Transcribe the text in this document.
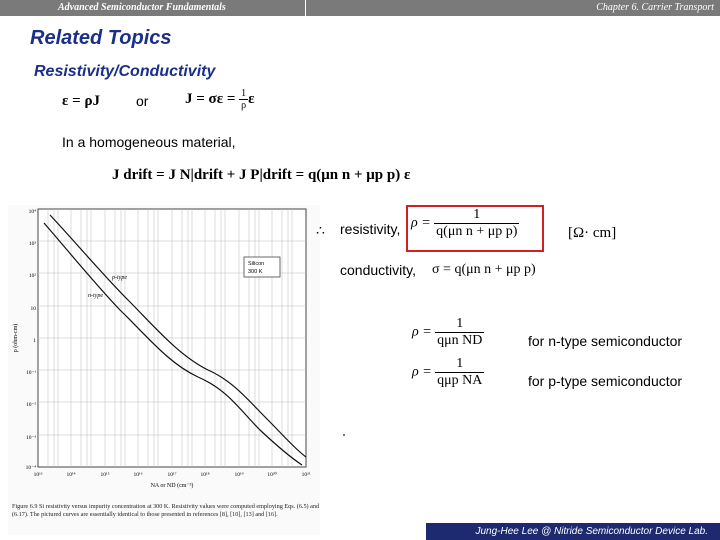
Advanced Semiconductor Fundamentals	Chapter 6. Carrier Transport
Related Topics
Resistivity/Conductivity
ε = ρJ	or $J = \sigma\varepsilon = \frac{1}{\rho}$ ε
In a homogeneous material,
J drift = J N|drift + J P|drift = q(μn n + μp p) ε
Silicon
300 K
p-type
n-type
10⁴
10³
10²
10
1
10⁻¹
10⁻²
10⁻³
10⁻⁴
10¹³	10¹⁴	10¹⁵	10¹⁶	10¹⁷	10¹⁸	10¹⁹	10²⁰	10²¹
NA or ND (cm⁻³)
ρ (ohm-cm)
Figure 6.9 Si resistivity versus impurity concentration at 300 K. Resistivity values were computed employing Eqs. (6.5) and (6.17). The pictured curves are essentially identical to those presented in references [8], [10], [13] and [16].
∴ resistivity, $\rho = \frac{1}{\text{q(μn n + μp p)}}$	[Ω· cm]
conductivity, σ = q(μn n + μp p)
$\rho = \frac{1}{\text{qμn ND}}$	for n-type semiconductor
$\rho = \frac{1}{\text{qμp NA}}$	for p-type semiconductor
Jung-Hee Lee @ Nitride Semiconductor Device Lab.
